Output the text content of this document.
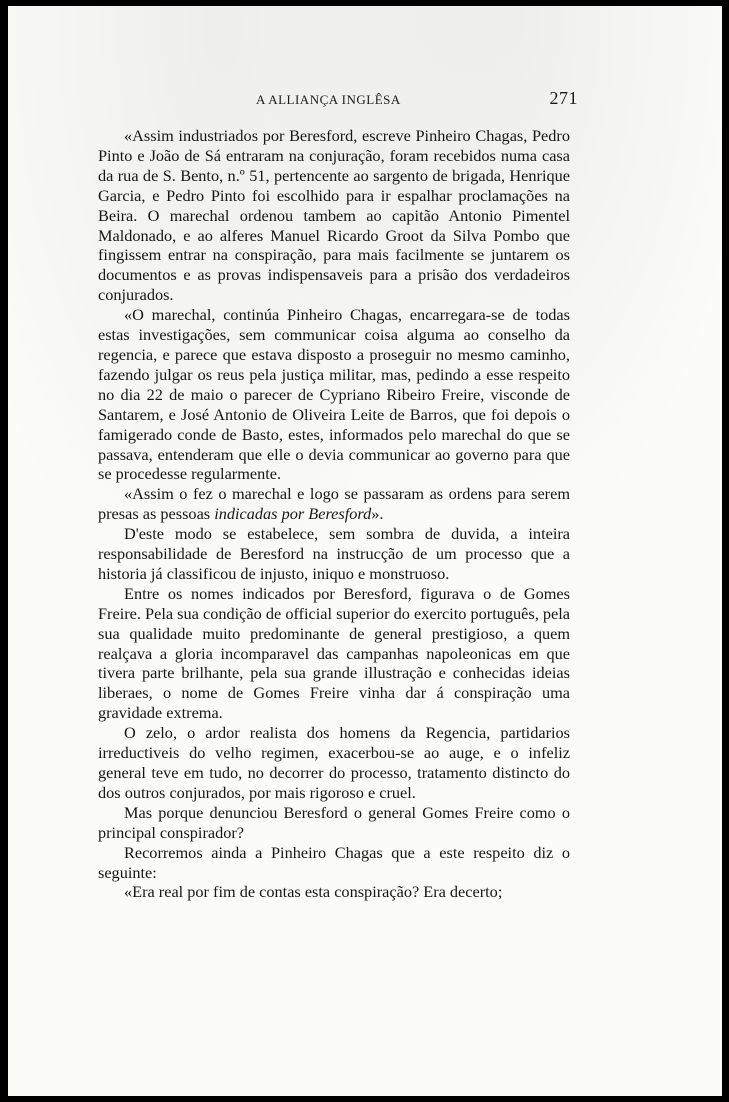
A ALLIANÇA INGLÊSA	271

«Assim industriados por Beresford, escreve Pinheiro Chagas, Pedro Pinto e João de Sá entraram na conjuração, foram recebidos numa casa da rua de S. Bento, n.º 51, pertencente ao sargento de brigada, Henrique Garcia, e Pedro Pinto foi escolhido para ir espalhar proclamações na Beira. O marechal ordenou tambem ao capitão Antonio Pimentel Maldonado, e ao alferes Manuel Ricardo Groot da Silva Pombo que fingissem entrar na conspiração, para mais facilmente se juntarem os documentos e as provas indispensaveis para a prisão dos verdadeiros conjurados.

«O marechal, continúa Pinheiro Chagas, encarregara-se de todas estas investigações, sem communicar coisa alguma ao conselho da regencia, e parece que estava disposto a proseguir no mesmo caminho, fazendo julgar os reus pela justiça militar, mas, pedindo a esse respeito no dia 22 de maio o parecer de Cypriano Ribeiro Freire, visconde de Santarem, e José Antonio de Oliveira Leite de Barros, que foi depois o famigerado conde de Basto, estes, informados pelo marechal do que se passava, entenderam que elle o devia communicar ao governo para que se procedesse regularmente.

«Assim o fez o marechal e logo se passaram as ordens para serem presas as pessoas indicadas por Beresford».

D'este modo se estabelece, sem sombra de duvida, a inteira responsabilidade de Beresford na instrucção de um processo que a historia já classificou de injusto, iniquo e monstruoso.

Entre os nomes indicados por Beresford, figurava o de Gomes Freire. Pela sua condição de official superior do exercito português, pela sua qualidade muito predominante de general prestigioso, a quem realçava a gloria incomparavel das campanhas napoleonicas em que tivera parte brilhante, pela sua grande illustração e conhecidas ideias liberaes, o nome de Gomes Freire vinha dar á conspiração uma gravidade extrema.

O zelo, o ardor realista dos homens da Regencia, partidarios irreductiveis do velho regimen, exacerbou-se ao auge, e o infeliz general teve em tudo, no decorrer do processo, tratamento distincto do dos outros conjurados, por mais rigoroso e cruel.

Mas porque denunciou Beresford o general Gomes Freire como o principal conspirador?

Recorremos ainda a Pinheiro Chagas que a este respeito diz o seguinte:

«Era real por fim de contas esta conspiração? Era decerto;
